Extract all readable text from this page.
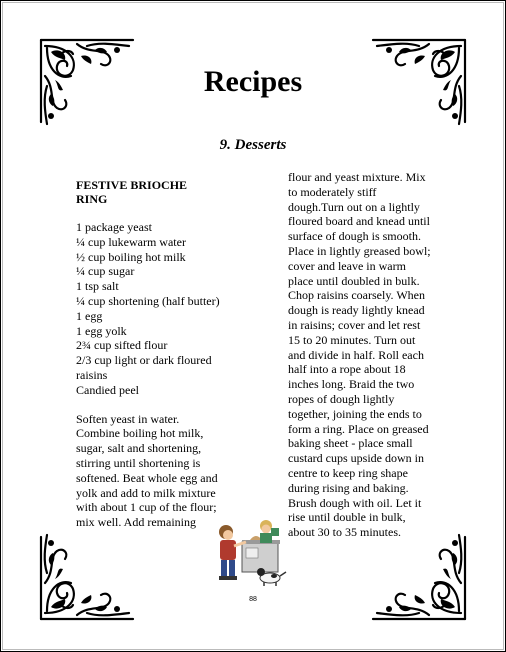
Recipes
9. Desserts
FESTIVE BRIOCHE
RING
1 package yeast
¼ cup lukewarm water
½ cup boiling hot milk
¼ cup sugar
1 tsp salt
¼ cup shortening (half butter)
1 egg
1 egg yolk
2¾ cup sifted flour
2/3 cup light or dark floured
raisins
Candied peel
Soften yeast in water.
Combine boiling hot milk,
sugar, salt and shortening,
stirring until shortening is
softened. Beat whole egg and
yolk and add to milk mixture
with about 1 cup of the flour;
mix well. Add remaining
flour and yeast mixture. Mix
to moderately stiff
dough.Turn out on a lightly
floured board and knead until
surface of dough is smooth.
Place in lightly greased bowl;
cover and leave in warm
place until doubled in bulk.
Chop raisins coarsely. When
dough is ready lightly knead
in raisins; cover and let rest
15 to 20 minutes. Turn out
and divide in half. Roll each
half into a rope about 18
inches long. Braid the two
ropes of dough lightly
together, joining the ends to
form a ring. Place on greased
baking sheet - place small
custard cups upside down in
centre to keep ring shape
during rising and baking.
Brush dough with oil. Let it
rise until double in bulk,
about 30 to 35 minutes.
88
